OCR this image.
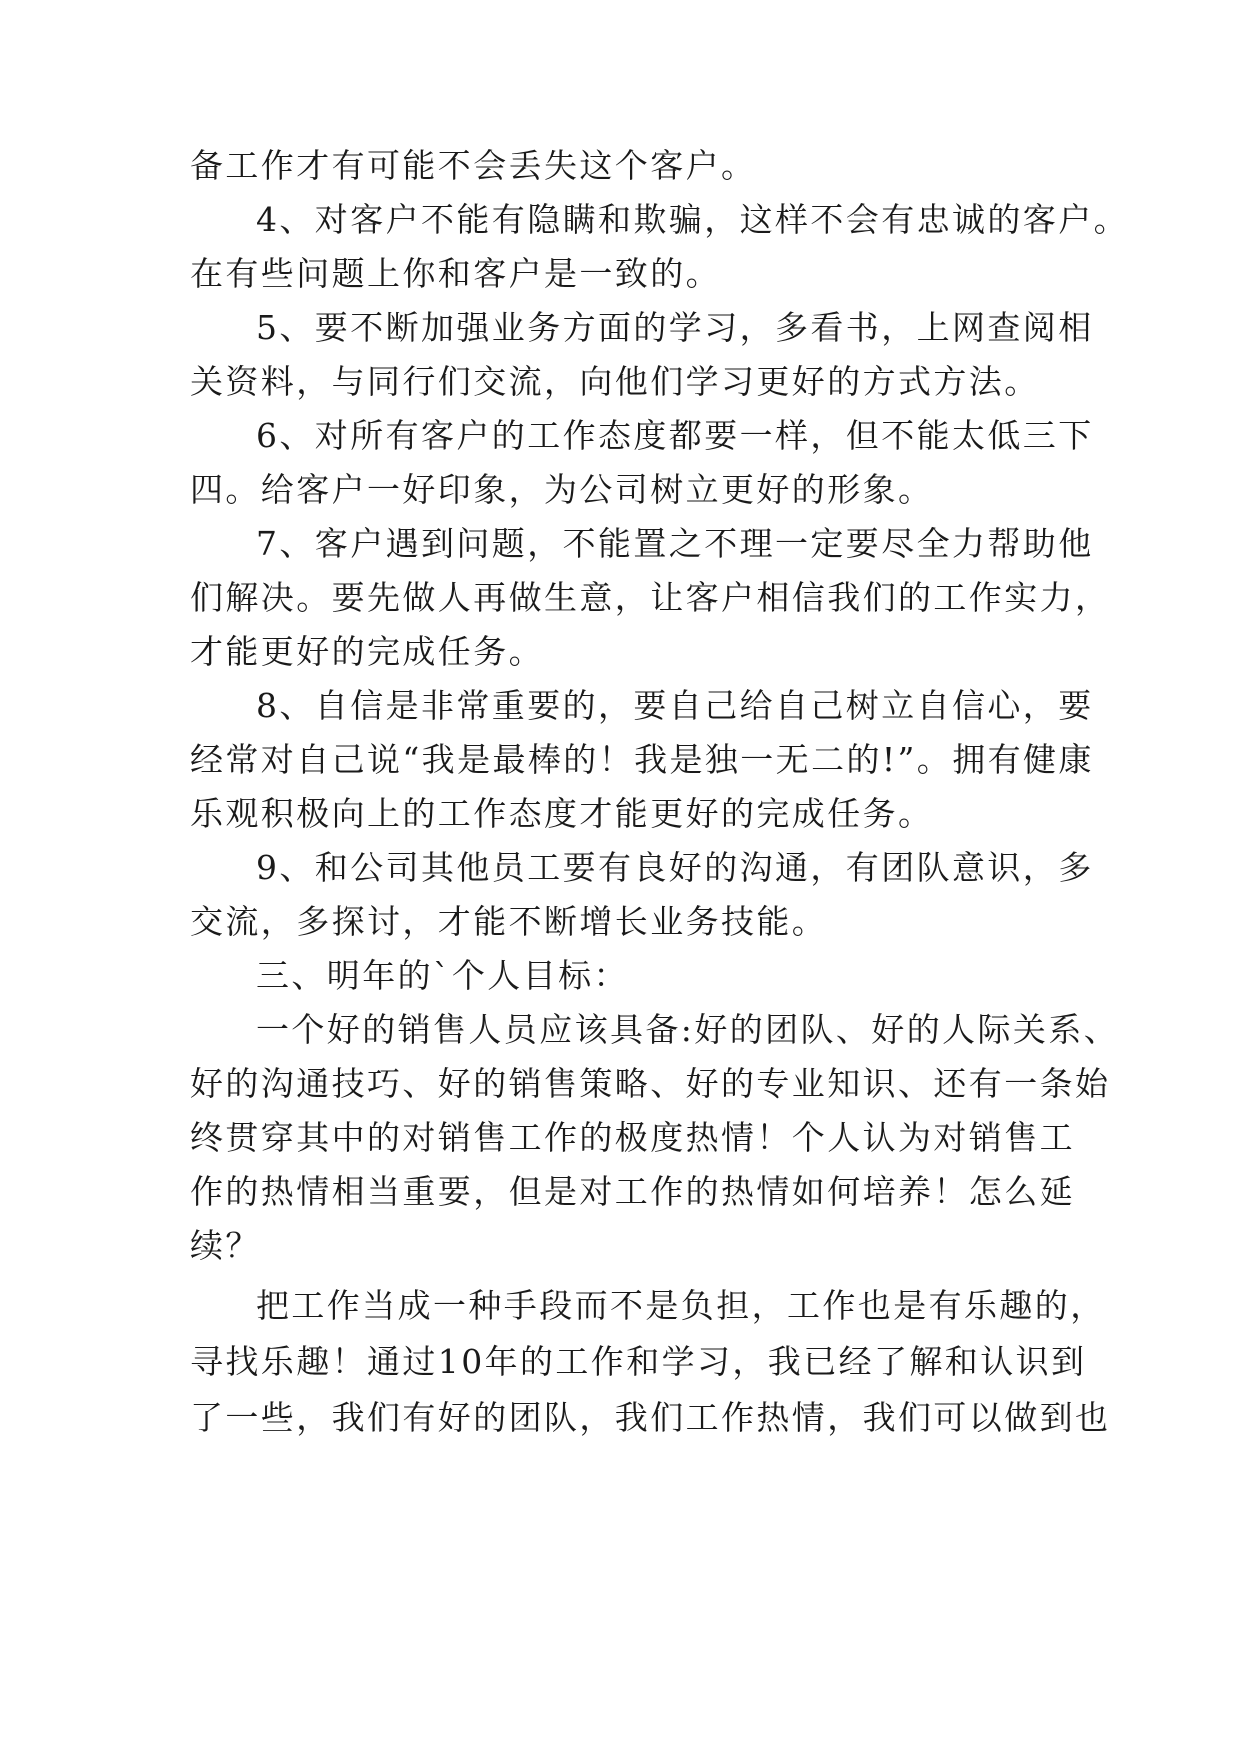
备工作才有可能不会丢失这个客户。
4、对客户不能有隐瞒和欺骗，这样不会有忠诚的客户。
在有些问题上你和客户是一致的。
5、要不断加强业务方面的学习，多看书，上网查阅相
关资料，与同行们交流，向他们学习更好的方式方法。
6、对所有客户的工作态度都要一样，但不能太低三下
四。给客户一好印象，为公司树立更好的形象。
7、客户遇到问题，不能置之不理一定要尽全力帮助他
们解决。要先做人再做生意，让客户相信我们的工作实力，
才能更好的完成任务。
8、自信是非常重要的，要自己给自己树立自信心，要
经常对自己说“我是最棒的！我是独一无二的!”。拥有健康
乐观积极向上的工作态度才能更好的完成任务。
9、和公司其他员工要有良好的沟通，有团队意识，多
交流，多探讨，才能不断增长业务技能。
三、明年的`个人目标：
一个好的销售人员应该具备:好的团队、好的人际关系、
好的沟通技巧、好的销售策略、好的专业知识、还有一条始
终贯穿其中的对销售工作的极度热情！个人认为对销售工
作的热情相当重要，但是对工作的热情如何培养！怎么延
续？
把工作当成一种手段而不是负担，工作也是有乐趣的，
寻找乐趣！通过10年的工作和学习，我已经了解和认识到
了一些，我们有好的团队，我们工作热情，我们可以做到也
